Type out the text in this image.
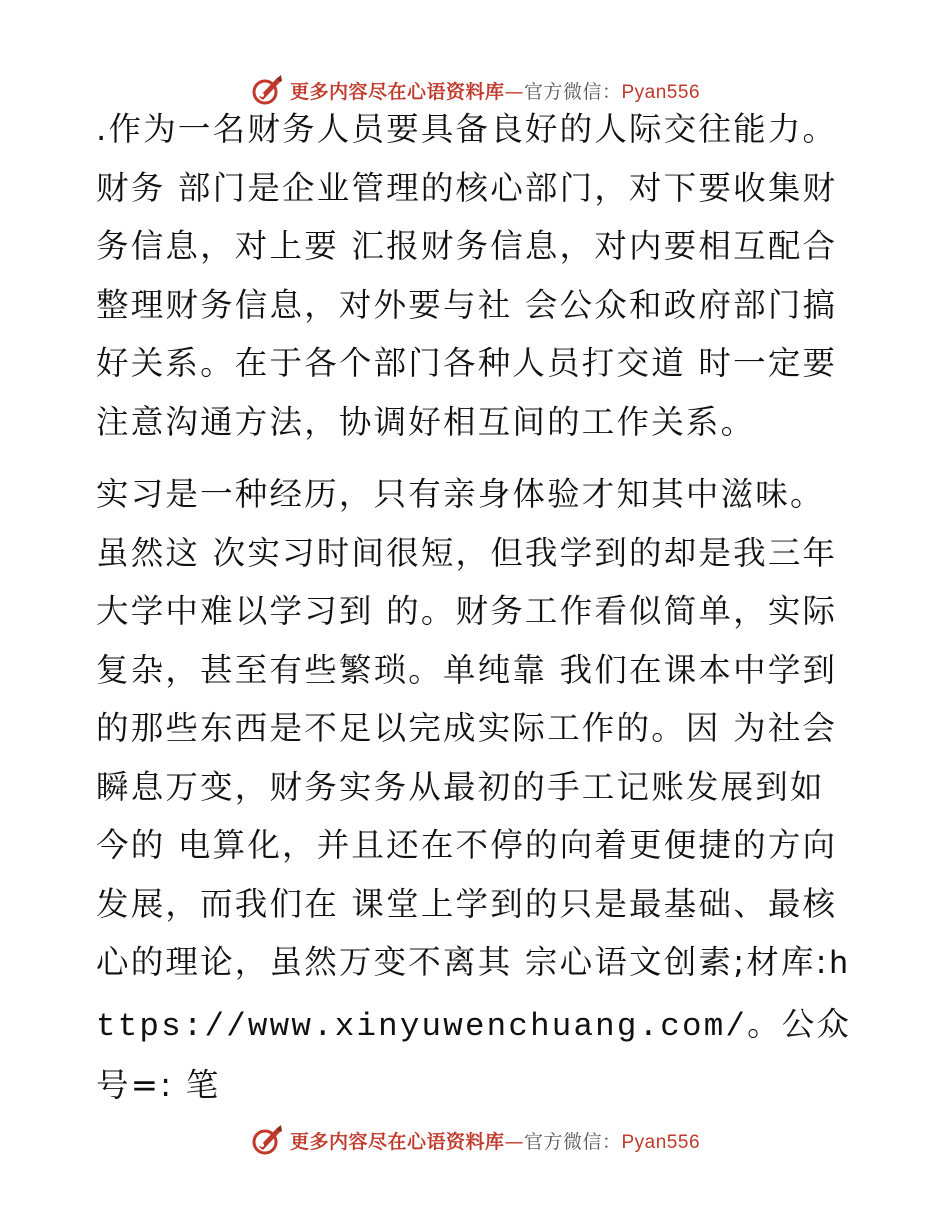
更多内容尽在心语资料库—官方微信：Pyan556

.作为一名财务人员要具备良好的人际交往能力。财务 部门是企业管理的核心部门，对下要收集财务信息，对上要 汇报财务信息，对内要相互配合整理财务信息，对外要与社 会公众和政府部门搞好关系。在于各个部门各种人员打交道 时一定要注意沟通方法，协调好相互间的工作关系。

实习是一种经历，只有亲身体验才知其中滋味。虽然这 次实习时间很短，但我学到的却是我三年大学中难以学习到 的。财务工作看似简单，实际复杂，甚至有些繁琐。单纯靠 我们在课本中学到的那些东西是不足以完成实际工作的。因 为社会瞬息万变，财务实务从最初的手工记账发展到如今的 电算化，并且还在不停的向着更便捷的方向发展，而我们在 课堂上学到的只是最基础、最核心的理论，虽然万变不离其 宗心语文创素;材库:https://www.xinyuwenchuang.com/。公众号=: 笔

更多内容尽在心语资料库—官方微信：Pyan556
